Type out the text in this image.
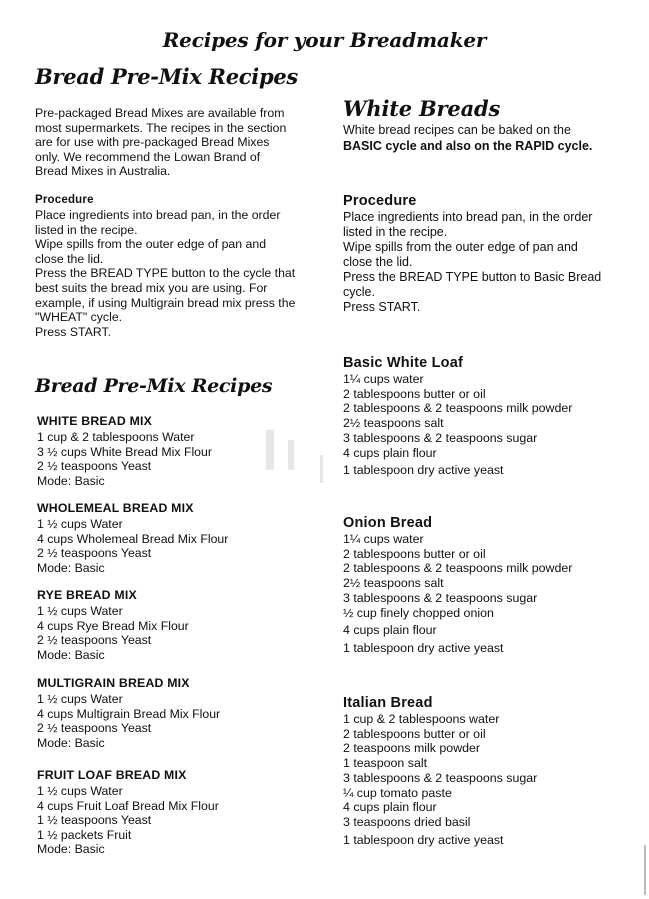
Recipes for your Breadmaker
Bread Pre-Mix Recipes
Pre-packaged Bread Mixes are available from
most supermarkets. The recipes in the section
are for use with pre-packaged Bread Mixes
only. We recommend the Lowan Brand of
Bread Mixes in Australia.
Procedure
Place ingredients into bread pan, in the order
listed in the recipe.
Wipe spills from the outer edge of pan and
close the lid.
Press the BREAD TYPE button to the cycle that
best suits the bread mix you are using. For
example, if using Multigrain bread mix press the
"WHEAT" cycle.
Press START.
Bread Pre-Mix Recipes
WHITE BREAD MIX
1 cup & 2 tablespoons Water
3 ½ cups White Bread Mix Flour
2 ½ teaspoons Yeast
Mode: Basic
WHOLEMEAL BREAD MIX
1 ½ cups Water
4 cups Wholemeal Bread Mix Flour
2 ½ teaspoons Yeast
Mode: Basic
RYE BREAD MIX
1 ½ cups Water
4 cups Rye Bread Mix Flour
2 ½ teaspoons Yeast
Mode: Basic
MULTIGRAIN BREAD MIX
1 ½ cups Water
4 cups Multigrain Bread Mix Flour
2 ½ teaspoons Yeast
Mode: Basic
FRUIT LOAF BREAD MIX
1 ½ cups Water
4 cups Fruit Loaf Bread Mix Flour
1 ½ teaspoons Yeast
1 ½ packets Fruit
Mode: Basic
White Breads
White bread recipes can be baked on the
BASIC cycle and also on the RAPID cycle.
Procedure
Place ingredients into bread pan, in the order
listed in the recipe.
Wipe spills from the outer edge of pan and
close the lid.
Press the BREAD TYPE button to Basic Bread
cycle.
Press START.
Basic White Loaf
1¼ cups water
2 tablespoons butter or oil
2 tablespoons & 2 teaspoons milk powder
2½ teaspoons salt
3 tablespoons & 2 teaspoons sugar
4 cups plain flour
1 tablespoon dry active yeast
Onion Bread
1¼ cups water
2 tablespoons butter or oil
2 tablespoons & 2 teaspoons milk powder
2½ teaspoons salt
3 tablespoons & 2 teaspoons sugar
½ cup finely chopped onion
4 cups plain flour
1 tablespoon dry active yeast
Italian Bread
1 cup & 2 tablespoons water
2 tablespoons butter or oil
2 teaspoons milk powder
1 teaspoon salt
3 tablespoons & 2 teaspoons sugar
¼ cup tomato paste
4 cups plain flour
3 teaspoons dried basil
1 tablespoon dry active yeast
